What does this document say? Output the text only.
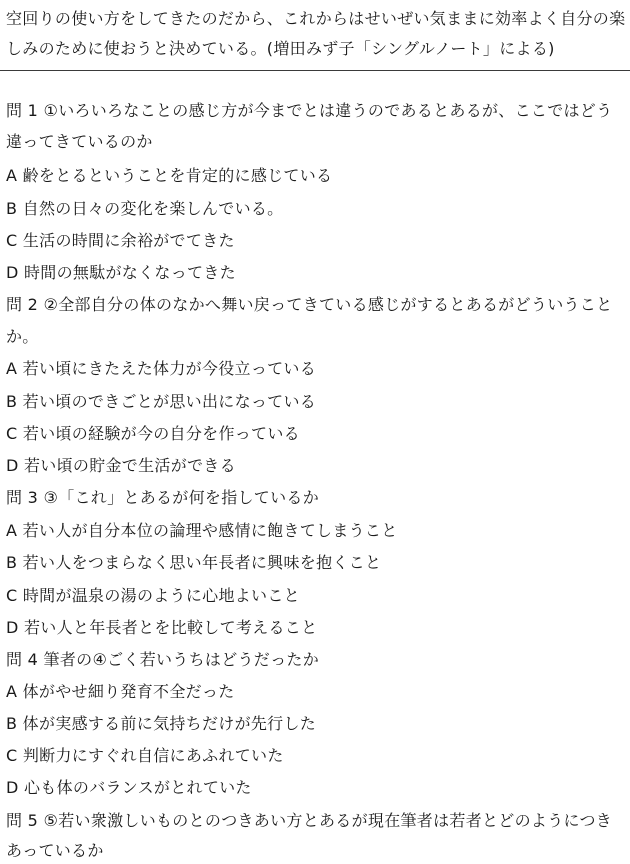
空回りの使い方をしてきたのだから、これからはせいぜい気ままに効率よく自分の楽
しみのために使おうと決めている。(増田みず子「シングルノート」による)
問 1 ①いろいろなことの感じ方が今までとは違うのであるとあるが、ここではどう
違ってきているのか
A 齢をとるということを肯定的に感じている
B 自然の日々の変化を楽しんでいる。
C 生活の時間に余裕がでてきた
D 時間の無駄がなくなってきた
問 2 ②全部自分の体のなかへ舞い戻ってきている感じがするとあるがどういうこと
か。
A 若い頃にきたえた体力が今役立っている
B 若い頃のできごとが思い出になっている
C 若い頃の経験が今の自分を作っている
D 若い頃の貯金で生活ができる
問 3 ③「これ」とあるが何を指しているか
A 若い人が自分本位の論理や感情に飽きてしまうこと
B 若い人をつまらなく思い年長者に興味を抱くこと
C 時間が温泉の湯のように心地よいこと
D 若い人と年長者とを比較して考えること
問 4 筆者の④ごく若いうちはどうだったか
A 体がやせ細り発育不全だった
B 体が実感する前に気持ちだけが先行した
C 判断力にすぐれ自信にあふれていた
D 心も体のバランスがとれていた
問 5 ⑤若い衆激しいものとのつきあい方とあるが現在筆者は若者とどのようにつき
あっているか
